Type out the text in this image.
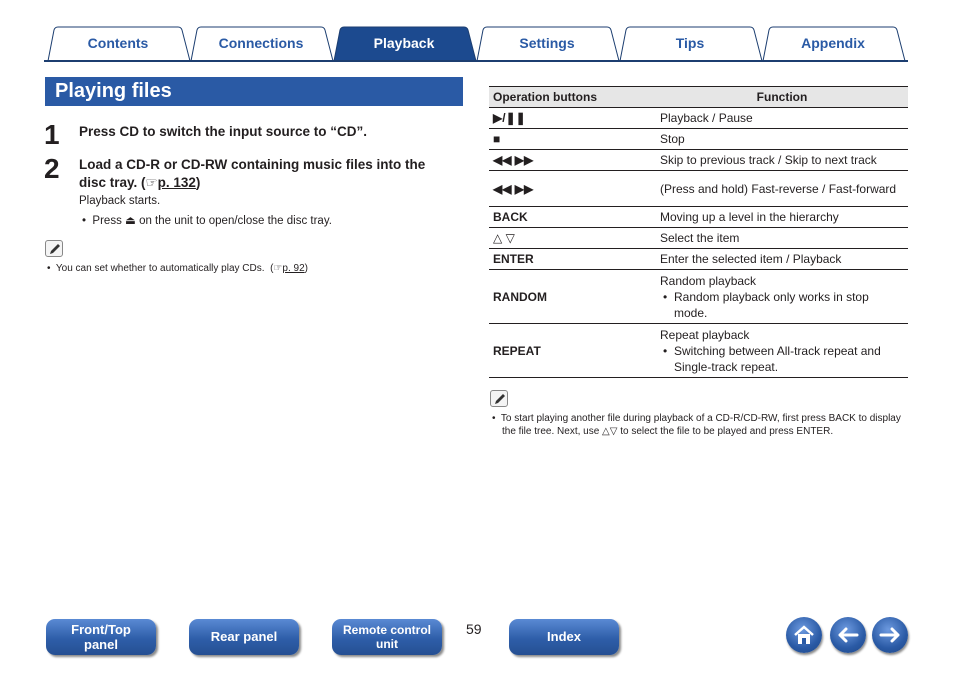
Contents	Connections	Playback	Settings	Tips	Appendix
Playing files
1 Press CD to switch the input source to “CD”.
2 Load a CD-R or CD-RW containing music files into the
disc tray. (☞p. 132)
Playback starts.
•  Press ⏏ on the unit to open/close the disc tray.
•  You can set whether to automatically play CDs.  (☞p. 92)
Operation buttons	Function
▶/❚❚	Playback / Pause
■	Stop
◀◀ ▶▶	Skip to previous track / Skip to next track
◀◀ ▶▶	(Press and hold) Fast-reverse / Fast-forward
BACK	Moving up a level in the hierarchy
△ ▽	Select the item
ENTER	Enter the selected item / Playback
RANDOM	Random playback
• Random playback only works in stop mode.

REPEAT	Repeat playback
• Switching between All-track repeat and Single-track repeat.
•  To start playing another file during playback of a CD-R/CD-RW, first press BACK to display the file tree. Next, use △▽ to select the file to be played and press ENTER.
Front/Top
panel
Rear panel	Remote control
unit
59	Index
